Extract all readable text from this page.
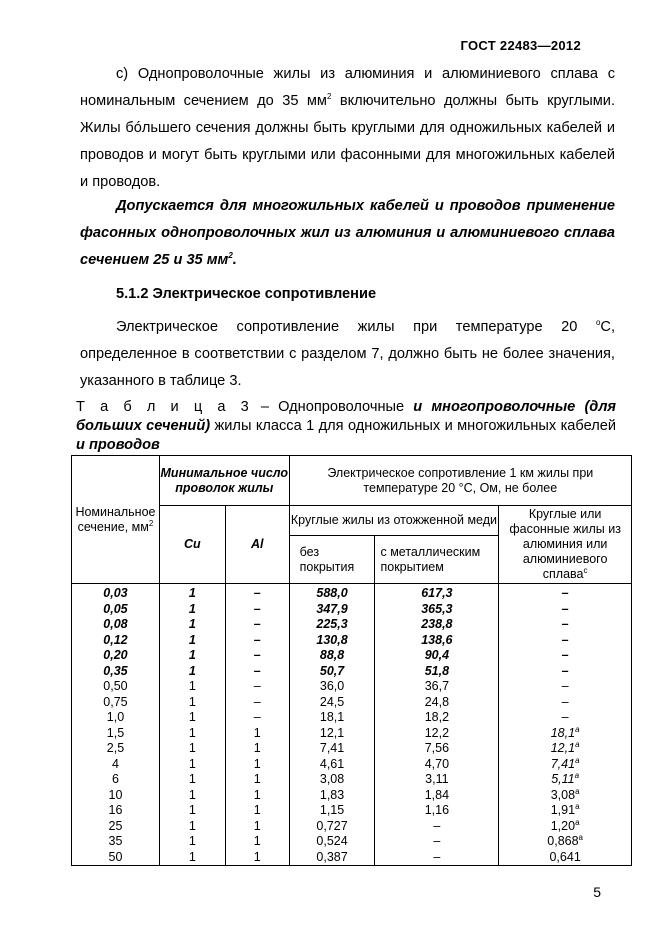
ГОСТ 22483—2012

с) Однопроволочные жилы из алюминия и алюминиевого сплава с номинальным сечением до 35 $мм^2$ включительно должны быть круглыми. Жилы бóльшего сечения должны быть круглыми для одножильных кабелей и проводов и могут быть круглыми или фасонными для многожильных кабелей и проводов.

Допускается для многожильных кабелей и проводов применение фасонных однопроволочных жил из алюминия и алюминиевого сплава сечением 25 и 35 $мм^2$.

5.1.2 Электрическое сопротивление

Электрическое сопротивление жилы при температуре 20 $^о$С, определенное в соответствии с разделом 7, должно быть не более значения, указанного в таблице 3.

Т а б л и ц а 3 – Однопроволочные и многопроволочные (для больших сечений) жилы класса 1 для одножильных и многожильных кабелей и проводов

Номинальное сечение, $мм^2$	Минимальное число проволок жилы		Электрическое сопротивление 1 км жилы при температуре 20 °С, Ом, не более		
	Cu	Al	Круглые жилы из отожженной меди		Круглые или фасонные жилы из алюминия или алюминиевого сплава$^с$
			без покрытия	с металлическим покрытием	
0,03	1	–	588,0	617,3	–
0,05	1	–	347,9	365,3	–
0,08	1	–	225,3	238,8	–
0,12	1	–	130,8	138,6	–
0,20	1	–	88,8	90,4	–
0,35	1	–	50,7	51,8	–
0,50	1	–	36,0	36,7	–
0,75	1	–	24,5	24,8	–
1,0	1	–	18,1	18,2	–
1,5	1	1	12,1	12,2	18,1$^a$
2,5	1	1	7,41	7,56	12,1$^a$
4	1	1	4,61	4,70	7,41$^a$
6	1	1	3,08	3,11	5,11$^a$
10	1	1	1,83	1,84	3,08$^a$
16	1	1	1,15	1,16	1,91$^a$
25	1	1	0,727	–	1,20$^a$
35	1	1	0,524	–	0,868$^a$
50	1	1	0,387	–	0,641
5
